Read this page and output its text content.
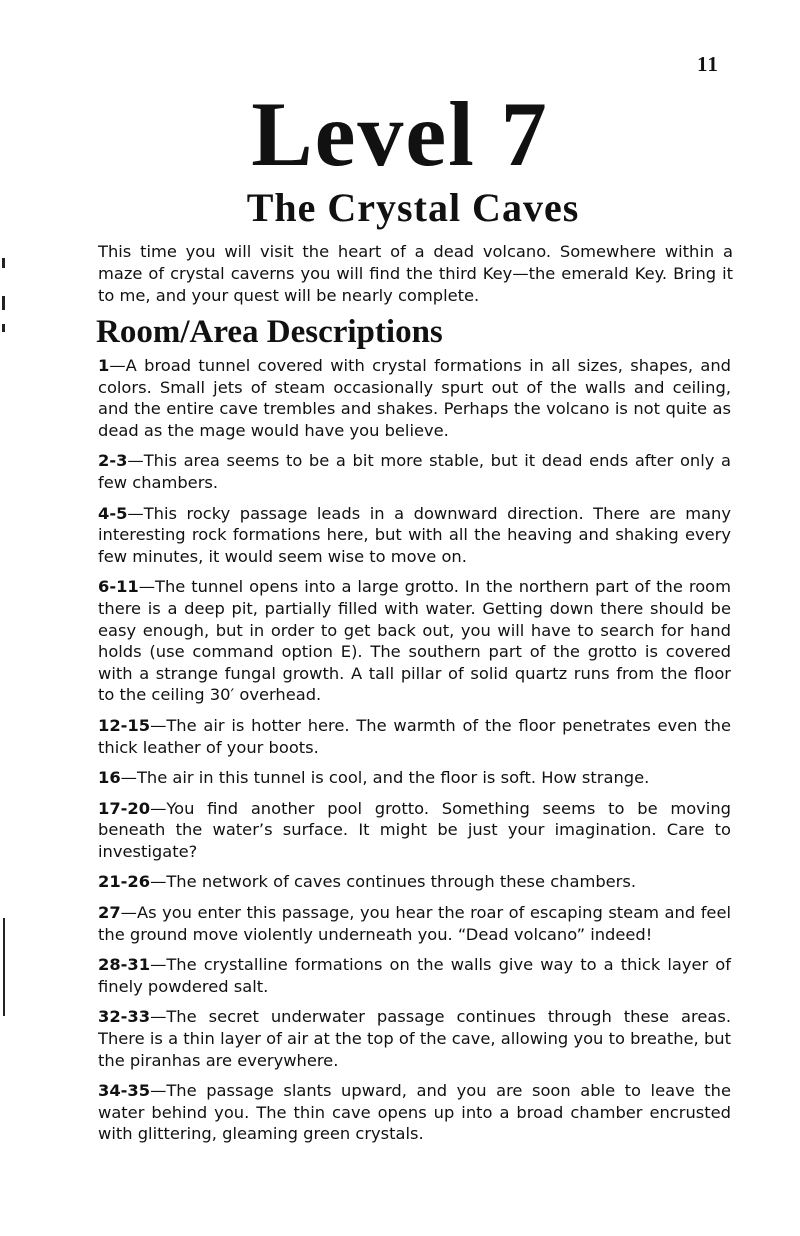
11
Level 7
The Crystal Caves

This time you will visit the heart of a dead volcano. Somewhere within a maze of crystal caverns you will find the third Key—the emerald Key. Bring it to me, and your quest will be nearly complete.

Room/Area Descriptions

1—A broad tunnel covered with crystal formations in all sizes, shapes, and colors. Small jets of steam occasionally spurt out of the walls and ceiling, and the entire cave trembles and shakes. Perhaps the volcano is not quite as dead as the mage would have you believe.

2-3—This area seems to be a bit more stable, but it dead ends after only a few chambers.

4-5—This rocky passage leads in a downward direction. There are many interesting rock formations here, but with all the heaving and shaking every few minutes, it would seem wise to move on.

6-11—The tunnel opens into a large grotto. In the northern part of the room there is a deep pit, partially filled with water. Getting down there should be easy enough, but in order to get back out, you will have to search for hand holds (use command option E). The southern part of the grotto is covered with a strange fungal growth. A tall pillar of solid quartz runs from the floor to the ceiling 30′ overhead.

12-15—The air is hotter here. The warmth of the floor penetrates even the thick leather of your boots.

16—The air in this tunnel is cool, and the floor is soft. How strange.

17-20—You find another pool grotto. Something seems to be moving beneath the water’s surface. It might be just your imagination. Care to investigate?

21-26—The network of caves continues through these chambers.

27—As you enter this passage, you hear the roar of escaping steam and feel the ground move violently underneath you. “Dead volcano” indeed!

28-31—The crystalline formations on the walls give way to a thick layer of finely powdered salt.

32-33—The secret underwater passage continues through these areas. There is a thin layer of air at the top of the cave, allowing you to breathe, but the piranhas are everywhere.

34-35—The passage slants upward, and you are soon able to leave the water behind you. The thin cave opens up into a broad chamber encrusted with glittering, gleaming green crystals.
